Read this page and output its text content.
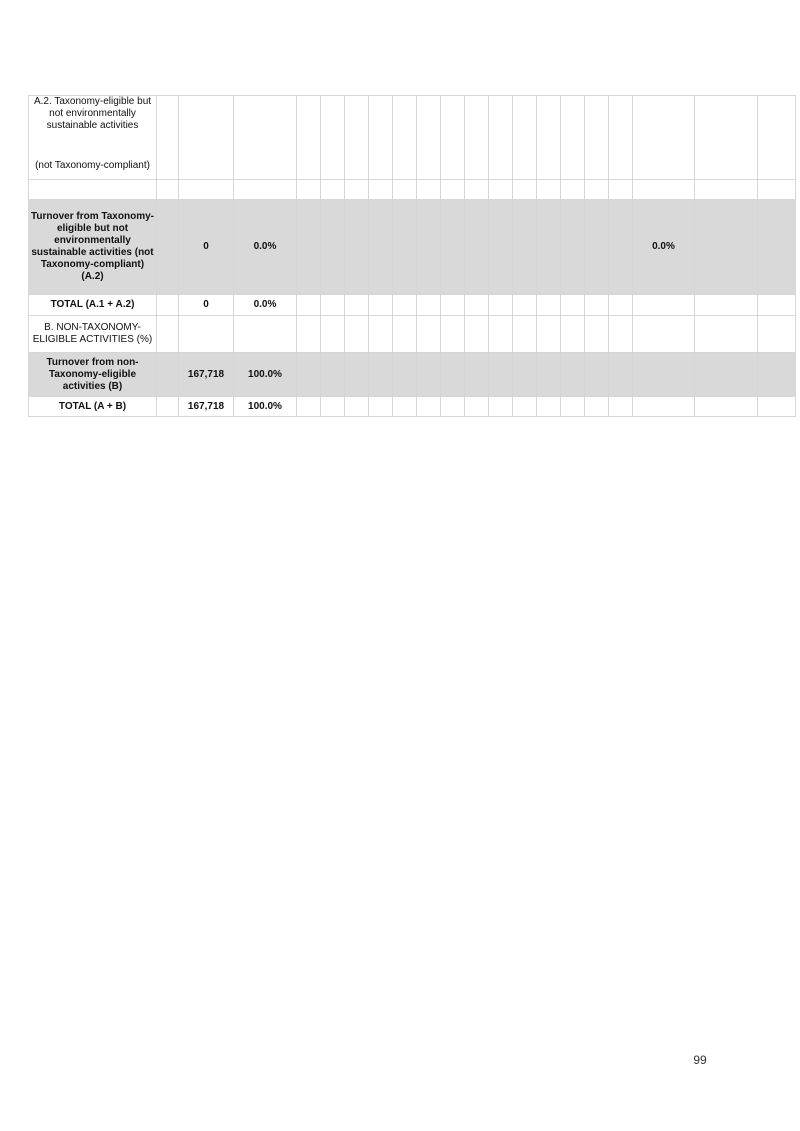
A.2. Taxonomy-eligible but not environmentally sustainable activities
(not Taxonomy-compliant)																				

Turnover from Taxonomy-eligible but not environmentally sustainable activities (not Taxonomy-compliant) (A.2)		0	0.0%															0.0%		
TOTAL (A.1 + A.2)		0	0.0%																	
B. NON-TAXONOMY-ELIGIBLE ACTIVITIES (%)																				
Turnover from non-Taxonomy-eligible activities (B)		167,718	100.0%																	
TOTAL (A + B)		167,718	100.0%																	
99
